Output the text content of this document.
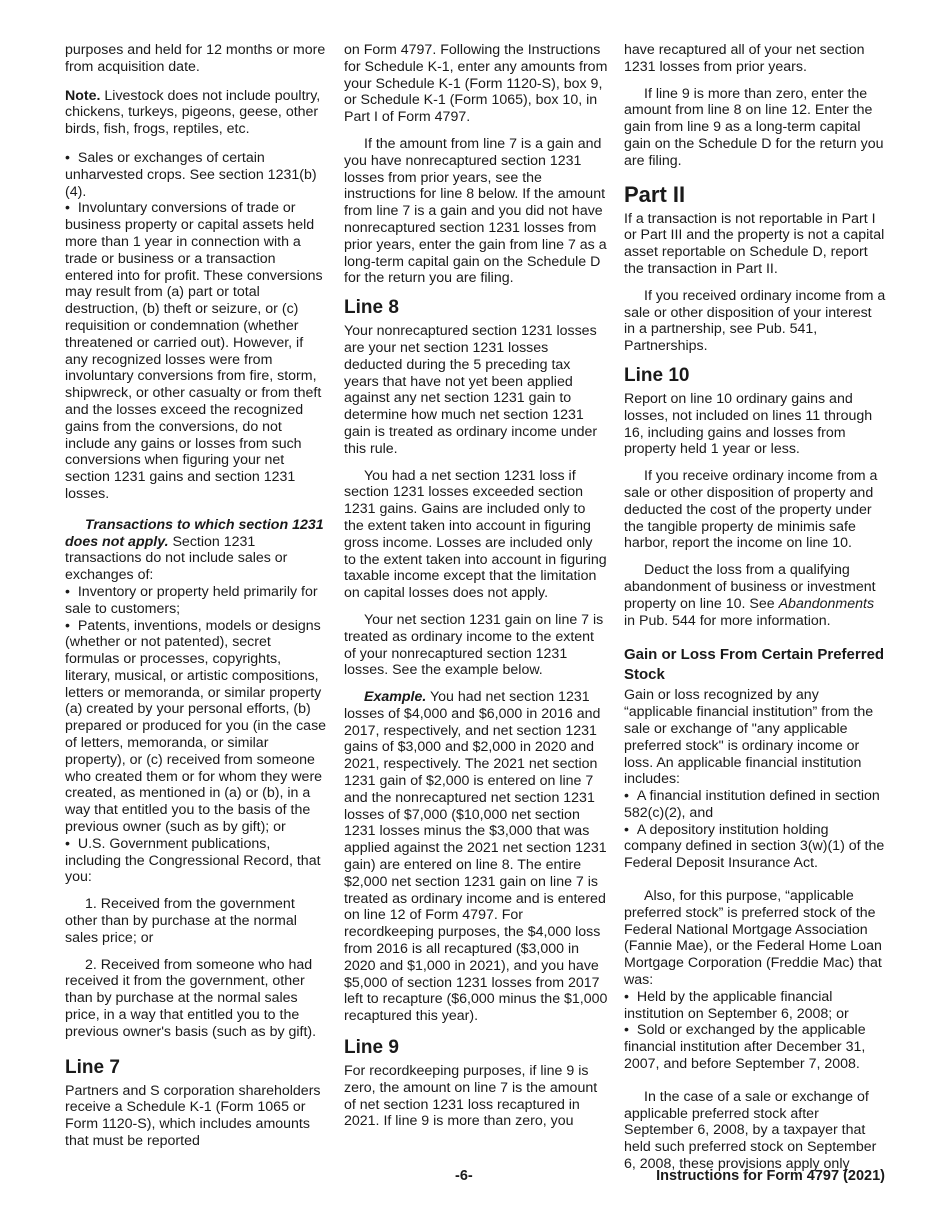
purposes and held for 12 months or more from acquisition date.

Note. Livestock does not include poultry, chickens, turkeys, pigeons, geese, other birds, fish, frogs, reptiles, etc.

•  Sales or exchanges of certain unharvested crops. See section 1231(b)(4).

•  Involuntary conversions of trade or business property or capital assets held more than 1 year in connection with a trade or business or a transaction entered into for profit. These conversions may result from (a) part or total destruction, (b) theft or seizure, or (c) requisition or condemnation (whether threatened or carried out). However, if any recognized losses were from involuntary conversions from fire, storm, shipwreck, or other casualty or from theft and the losses exceed the recognized gains from the conversions, do not include any gains or losses from such conversions when figuring your net section 1231 gains and section 1231 losses.

Transactions to which section 1231 does not apply. Section 1231 transactions do not include sales or exchanges of:

•  Inventory or property held primarily for sale to customers;

•  Patents, inventions, models or designs (whether or not patented), secret formulas or processes, copyrights, literary, musical, or artistic compositions, letters or memoranda, or similar property (a) created by your personal efforts, (b) prepared or produced for you (in the case of letters, memoranda, or similar property), or (c) received from someone who created them or for whom they were created, as mentioned in (a) or (b), in a way that entitled you to the basis of the previous owner (such as by gift); or

•  U.S. Government publications, including the Congressional Record, that you:

1. Received from the government other than by purchase at the normal sales price; or

2. Received from someone who had received it from the government, other than by purchase at the normal sales price, in a way that entitled you to the previous owner's basis (such as by gift).

Line 7

Partners and S corporation shareholders receive a Schedule K-1 (Form 1065 or Form 1120-S), which includes amounts that must be reported

on Form 4797. Following the Instructions for Schedule K-1, enter any amounts from your Schedule K-1 (Form 1120-S), box 9, or Schedule K-1 (Form 1065), box 10, in Part I of Form 4797.

If the amount from line 7 is a gain and you have nonrecaptured section 1231 losses from prior years, see the instructions for line 8 below. If the amount from line 7 is a gain and you did not have nonrecaptured section 1231 losses from prior years, enter the gain from line 7 as a long-term capital gain on the Schedule D for the return you are filing.

Line 8

Your nonrecaptured section 1231 losses are your net section 1231 losses deducted during the 5 preceding tax years that have not yet been applied against any net section 1231 gain to determine how much net section 1231 gain is treated as ordinary income under this rule.

You had a net section 1231 loss if section 1231 losses exceeded section 1231 gains. Gains are included only to the extent taken into account in figuring gross income. Losses are included only to the extent taken into account in figuring taxable income except that the limitation on capital losses does not apply.

Your net section 1231 gain on line 7 is treated as ordinary income to the extent of your nonrecaptured section 1231 losses. See the example below.

Example. You had net section 1231 losses of $4,000 and $6,000 in 2016 and 2017, respectively, and net section 1231 gains of $3,000 and $2,000 in 2020 and 2021, respectively. The 2021 net section 1231 gain of $2,000 is entered on line 7 and the nonrecaptured net section 1231 losses of $7,000 ($10,000 net section 1231 losses minus the $3,000 that was applied against the 2021 net section 1231 gain) are entered on line 8. The entire $2,000 net section 1231 gain on line 7 is treated as ordinary income and is entered on line 12 of Form 4797. For recordkeeping purposes, the $4,000 loss from 2016 is all recaptured ($3,000 in 2020 and $1,000 in 2021), and you have $5,000 of section 1231 losses from 2017 left to recapture ($6,000 minus the $1,000 recaptured this year).

Line 9

For recordkeeping purposes, if line 9 is zero, the amount on line 7 is the amount of net section 1231 loss recaptured in 2021. If line 9 is more than zero, you

have recaptured all of your net section 1231 losses from prior years.

If line 9 is more than zero, enter the amount from line 8 on line 12. Enter the gain from line 9 as a long-term capital gain on the Schedule D for the return you are filing.

Part II

If a transaction is not reportable in Part I or Part III and the property is not a capital asset reportable on Schedule D, report the transaction in Part II.

If you received ordinary income from a sale or other disposition of your interest in a partnership, see Pub. 541, Partnerships.

Line 10

Report on line 10 ordinary gains and losses, not included on lines 11 through 16, including gains and losses from property held 1 year or less.

If you receive ordinary income from a sale or other disposition of property and deducted the cost of the property under the tangible property de minimis safe harbor, report the income on line 10.

Deduct the loss from a qualifying abandonment of business or investment property on line 10. See Abandonments in Pub. 544 for more information.

Gain or Loss From Certain Preferred Stock

Gain or loss recognized by any “applicable financial institution” from the sale or exchange of "any applicable preferred stock" is ordinary income or loss. An applicable financial institution includes:

•  A financial institution defined in section 582(c)(2), and

•  A depository institution holding company defined in section 3(w)(1) of the Federal Deposit Insurance Act.

Also, for this purpose, “applicable preferred stock” is preferred stock of the Federal National Mortgage Association (Fannie Mae), or the Federal Home Loan Mortgage Corporation (Freddie Mac) that was:

•  Held by the applicable financial institution on September 6, 2008; or

•  Sold or exchanged by the applicable financial institution after December 31, 2007, and before September 7, 2008.

In the case of a sale or exchange of applicable preferred stock after September 6, 2008, by a taxpayer that held such preferred stock on September 6, 2008, these provisions apply only

-6-	Instructions for Form 4797 (2021)
